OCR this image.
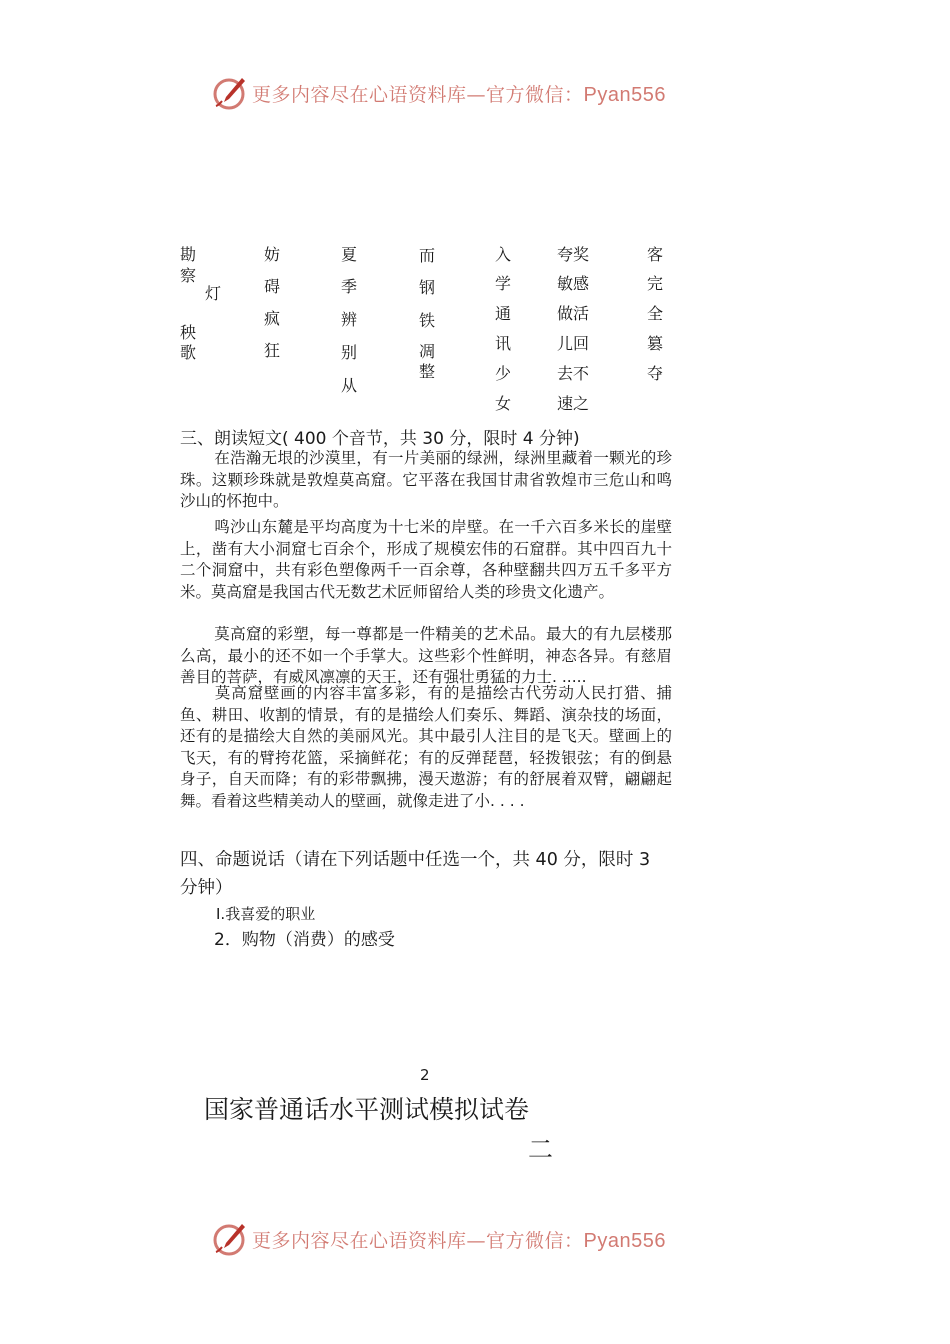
更多内容尽在心语资料库—官方微信：Pyan556
勘
察
灯
秧
歌
妨
碍
疯
狂
夏
季
辨
别
从
而
钢
铁
凋
整
入
学
通
讯
少
女
夸奖
敏感
做活
儿回
去不
速之
客
完
全
篡
夺
三、朗读短文( 400 个音节，共 30 分，限时 4 分钟)

在浩瀚无垠的沙漠里，有一片美丽的绿洲，绿洲里藏着一颗光的珍珠。这颗珍珠就是敦煌莫高窟。它平落在我国甘肃省敦煌市三危山和鸣沙山的怀抱中。

鸣沙山东麓是平均高度为十七米的岸壁。在一千六百多米长的崖壁上，凿有大小洞窟七百余个，形成了规模宏伟的石窟群。其中四百九十二个洞窟中，共有彩色塑像两千一百余尊，各种壁翻共四万五千多平方米。莫高窟是我国古代无数艺术匠师留给人类的珍贵文化遗产。

莫高窟的彩塑，每一尊都是一件精美的艺术品。最大的有九层楼那么高，最小的还不如一个手掌大。这些彩个性鲜明，神态各异。有慈眉善目的菩萨，有威风凛凛的天王，还有强壮勇猛的力士. .....

莫高窟壁画的内容丰富多彩，有的是描绘古代劳动人民打猎、捕鱼、耕田、收割的情景，有的是描绘人们奏乐、舞蹈、演杂技的场面，还有的是描绘大自然的美丽风光。其中最引人注目的是飞天。壁画上的飞天，有的臂挎花篮，采摘鲜花；有的反弹琵琶，轻拨银弦；有的倒悬身子，自天而降；有的彩带飘拂，漫天遨游；有的舒展着双臂，翩翩起舞。看着这些精美动人的壁画，就像走进了小. . . .

四、命题说话（请在下列话题中任选一个，共 40 分，限时 3 分钟）

I.我喜爱的职业
2．购物（消费）的感受
2
国家普通话水平测试模拟试卷
二
更多内容尽在心语资料库—官方微信：Pyan556
